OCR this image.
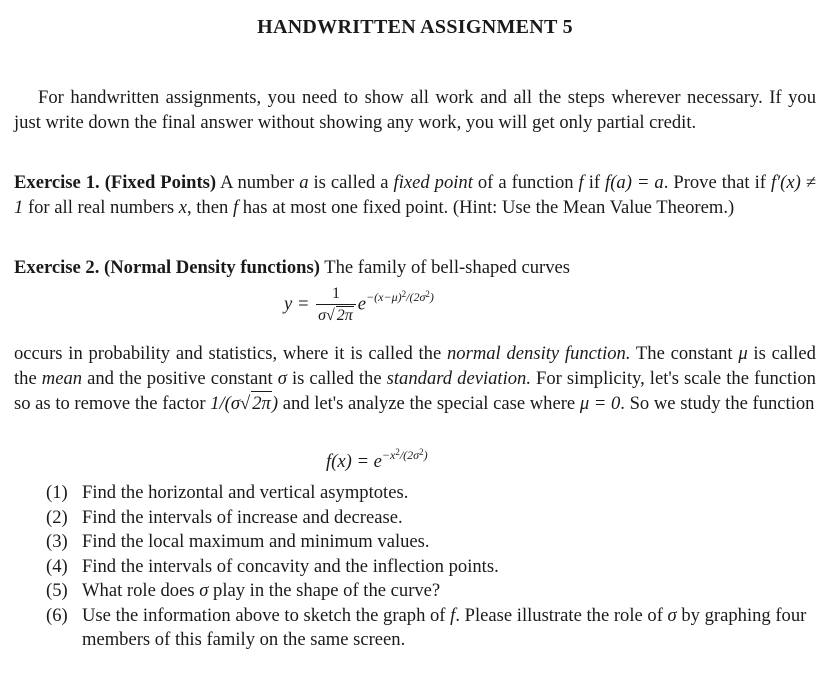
HANDWRITTEN ASSIGNMENT 5
For handwritten assignments, you need to show all work and all the steps wherever necessary. If you just write down the final answer without showing any work, you will get only partial credit.
Exercise 1. (Fixed Points) A number a is called a fixed point of a function f if f(a) = a. Prove that if f′(x) ≠ 1 for all real numbers x, then f has at most one fixed point. (Hint: Use the Mean Value Theorem.)
Exercise 2. (Normal Density functions) The family of bell-shaped curves
$y = \frac{1}{\sigma√ 2\pi} e^{-(x-\mu)^2/(2\sigma^2)}$
occurs in probability and statistics, where it is called the normal density function. The constant μ is called the mean and the positive constant σ is called the standard deviation. For simplicity, let's scale the function so as to remove the factor 1/(σ√ 2π) and let's analyze the special case where μ = 0. So we study the function
$f(x) = e^{-x^2/(2\sigma^2)}$
(1) Find the horizontal and vertical asymptotes.
(2) Find the intervals of increase and decrease.
(3) Find the local maximum and minimum values.
(4) Find the intervals of concavity and the inflection points.
(5) What role does σ play in the shape of the curve?
(6) Use the information above to sketch the graph of f. Please illustrate the role of σ by graphing four members of this family on the same screen.
